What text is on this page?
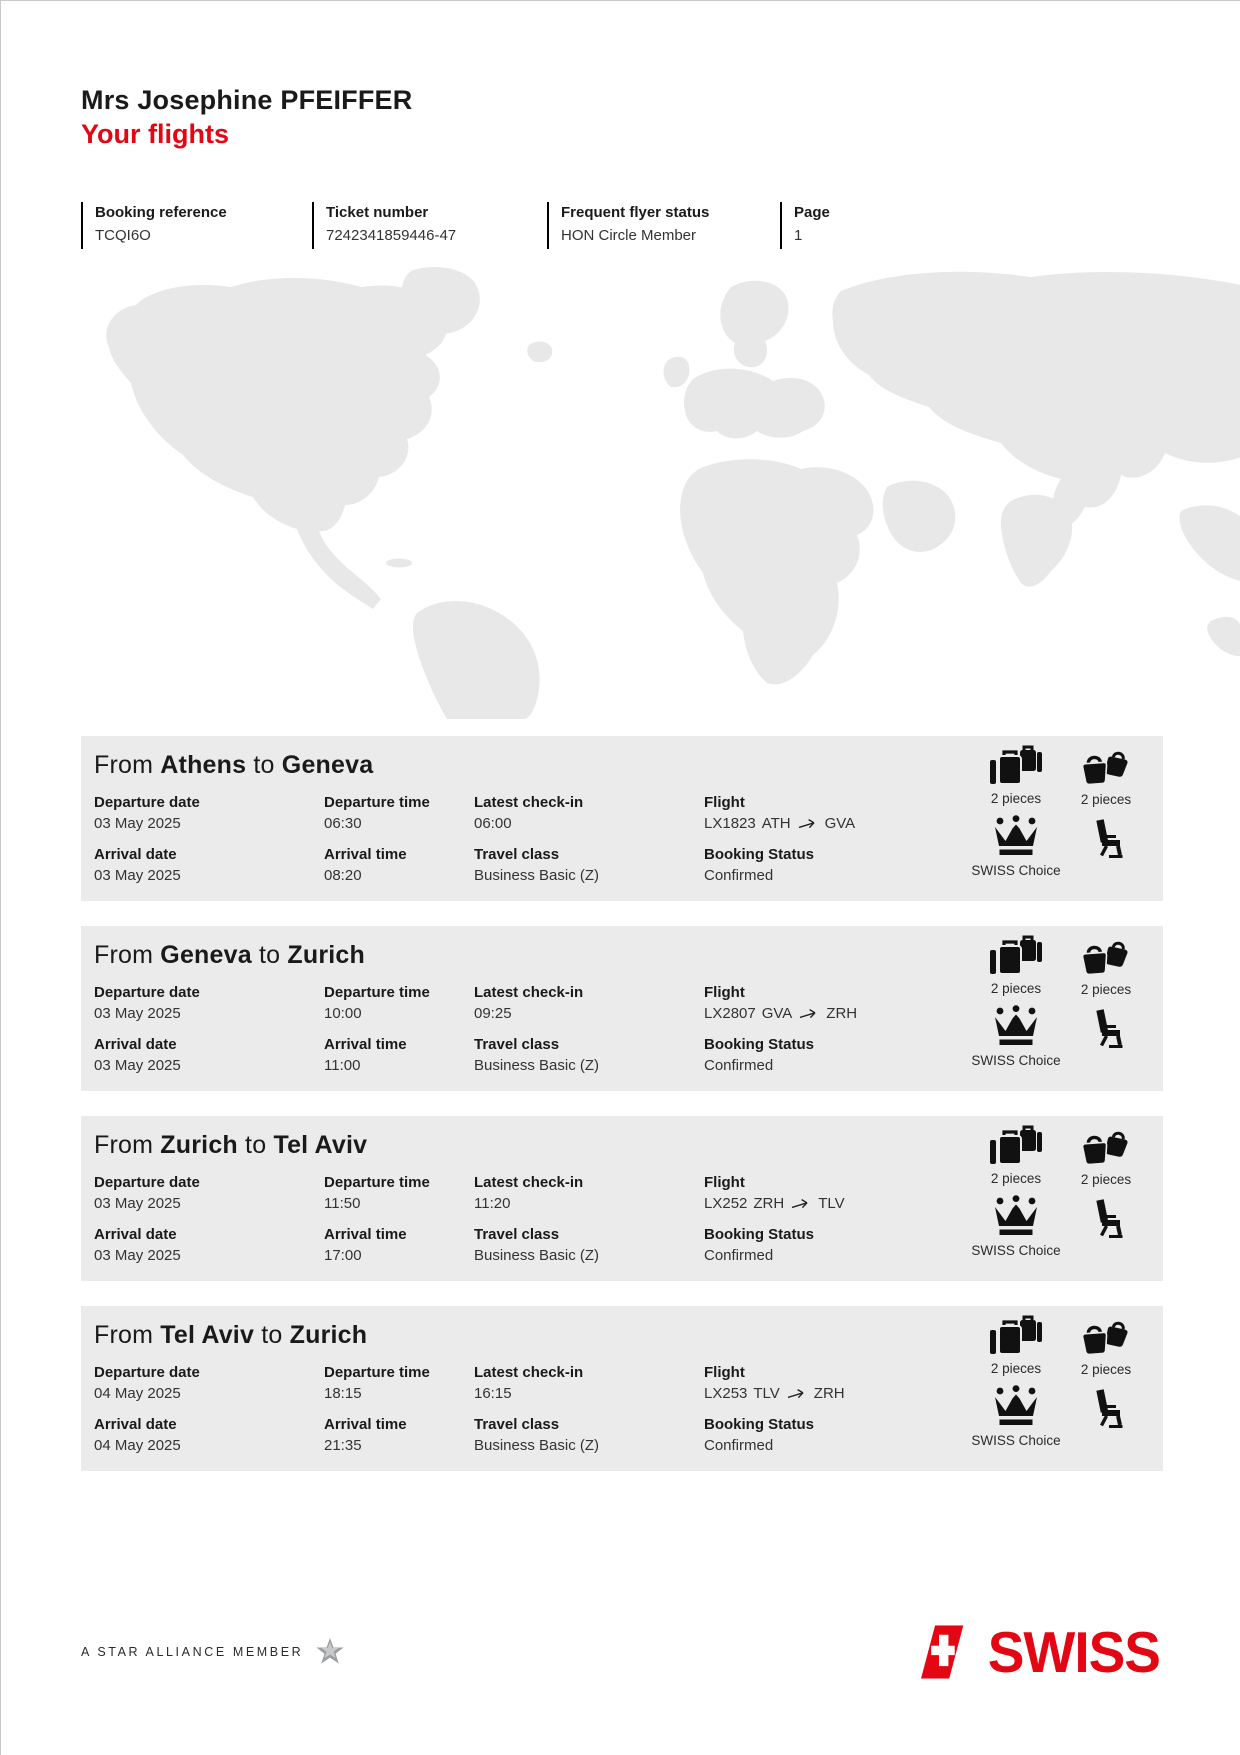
Mrs Josephine PFEIFFER
Your flights
Booking reference
TCQI6O
Ticket number
7242341859446-47
Frequent flyer status
HON Circle Member
Page
1
From Athens to Geneva
Departure date
03 May 2025
Departure time
06:30
Latest check-in
06:00
Flight
LX1823 ATH GVA
Arrival date
03 May 2025
Arrival time
08:20
Travel class
Business Basic (Z)
Booking Status
Confirmed
2 pieces	2 pieces
SWISS Choice
From Geneva to Zurich
Departure date
03 May 2025
Departure time
10:00
Latest check-in
09:25
Flight
LX2807 GVA ZRH
Arrival date
03 May 2025
Arrival time
11:00
Travel class
Business Basic (Z)
Booking Status
Confirmed
2 pieces	2 pieces
SWISS Choice
From Zurich to Tel Aviv
Departure date
03 May 2025
Departure time
11:50
Latest check-in
11:20
Flight
LX252 ZRH TLV
Arrival date
03 May 2025
Arrival time
17:00
Travel class
Business Basic (Z)
Booking Status
Confirmed
2 pieces	2 pieces
SWISS Choice
From Tel Aviv to Zurich
Departure date
04 May 2025
Departure time
18:15
Latest check-in
16:15
Flight
LX253 TLV ZRH
Arrival date
04 May 2025
Arrival time
21:35
Travel class
Business Basic (Z)
Booking Status
Confirmed
2 pieces	2 pieces
SWISS Choice
A STAR ALLIANCE MEMBER	SWISS
